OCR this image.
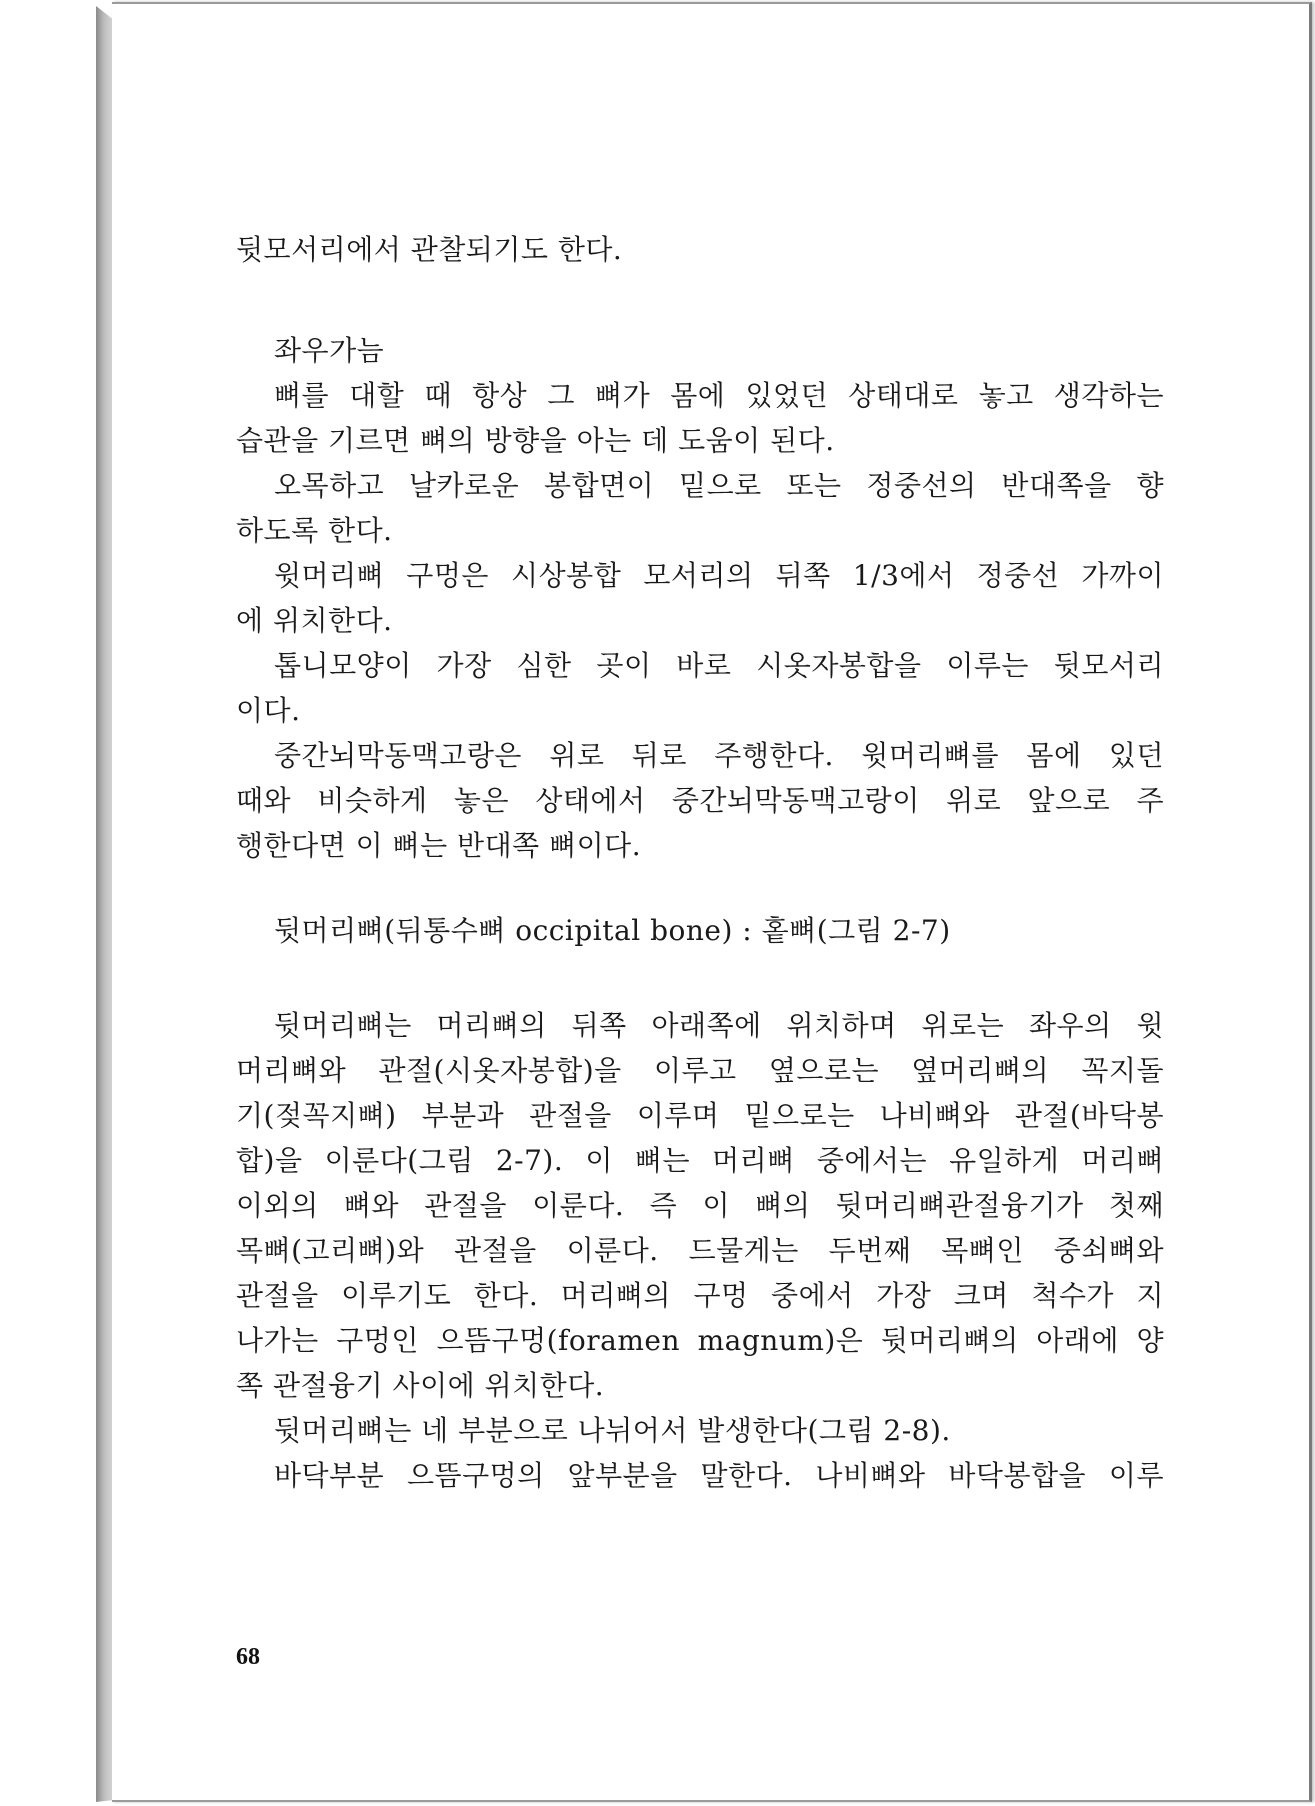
뒷모서리에서 관찰되기도 한다.
좌우가늠
뼈를 대할 때 항상 그 뼈가 몸에 있었던 상태대로 놓고 생각하는
습관을 기르면 뼈의 방향을 아는 데 도움이 된다.
오목하고 날카로운 봉합면이 밑으로 또는 정중선의 반대쪽을 향
하도록 한다.
윗머리뼈 구멍은 시상봉합 모서리의 뒤쪽 1/3에서 정중선 가까이
에 위치한다.
톱니모양이 가장 심한 곳이 바로 시옷자봉합을 이루는 뒷모서리
이다.
중간뇌막동맥고랑은 위로 뒤로 주행한다. 윗머리뼈를 몸에 있던
때와 비슷하게 놓은 상태에서 중간뇌막동맥고랑이 위로 앞으로 주
행한다면 이 뼈는 반대쪽 뼈이다.
뒷머리뼈(뒤통수뼈 occipital bone) : 홑뼈(그림 2-7)
뒷머리뼈는 머리뼈의 뒤쪽 아래쪽에 위치하며 위로는 좌우의 윗
머리뼈와 관절(시옷자봉합)을 이루고 옆으로는 옆머리뼈의 꼭지돌
기(젖꼭지뼈) 부분과 관절을 이루며 밑으로는 나비뼈와 관절(바닥봉
합)을 이룬다(그림 2-7). 이 뼈는 머리뼈 중에서는 유일하게 머리뼈
이외의 뼈와 관절을 이룬다. 즉 이 뼈의 뒷머리뼈관절융기가 첫째
목뼈(고리뼈)와 관절을 이룬다. 드물게는 두번째 목뼈인 중쇠뼈와
관절을 이루기도 한다. 머리뼈의 구멍 중에서 가장 크며 척수가 지
나가는 구멍인 으뜸구멍(foramen magnum)은 뒷머리뼈의 아래에 양
쪽 관절융기 사이에 위치한다.
뒷머리뼈는 네 부분으로 나뉘어서 발생한다(그림 2-8).
바닥부분 으뜸구멍의 앞부분을 말한다. 나비뼈와 바닥봉합을 이루
68
